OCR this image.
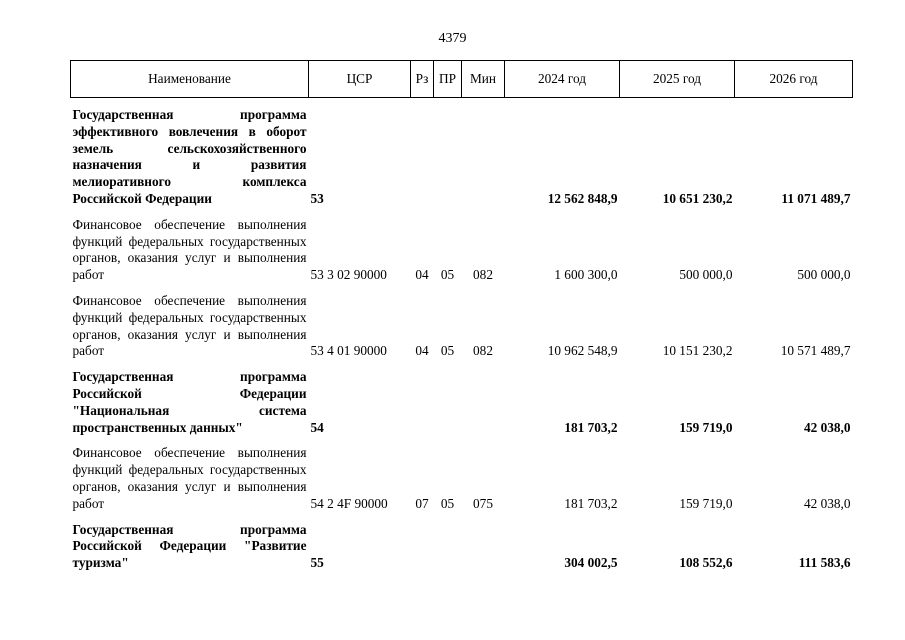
4379
Наименование	ЦСР	Рз	ПР	Мин	2024 год	2025 год	2026 год

Государственная программа эффективного вовлечения в оборот земель сельскохозяйственного назначения и развития мелиоративного комплекса Российской Федерации	53				12 562 848,9	10 651 230,2	11 071 489,7

Финансовое обеспечение выполнения функций федеральных государственных органов, оказания услуг и выполнения работ	53 3 02 90000	04	05	082	1 600 300,0	500 000,0	500 000,0

Финансовое обеспечение выполнения функций федеральных государственных органов, оказания услуг и выполнения работ	53 4 01 90000	04	05	082	10 962 548,9	10 151 230,2	10 571 489,7

Государственная программа Российской Федерации "Национальная система пространственных данных"	54				181 703,2	159 719,0	42 038,0

Финансовое обеспечение выполнения функций федеральных государственных органов, оказания услуг и выполнения работ	54 2 4F 90000	07	05	075	181 703,2	159 719,0	42 038,0

Государственная программа Российской Федерации "Развитие туризма"	55				304 002,5	108 552,6	111 583,6
